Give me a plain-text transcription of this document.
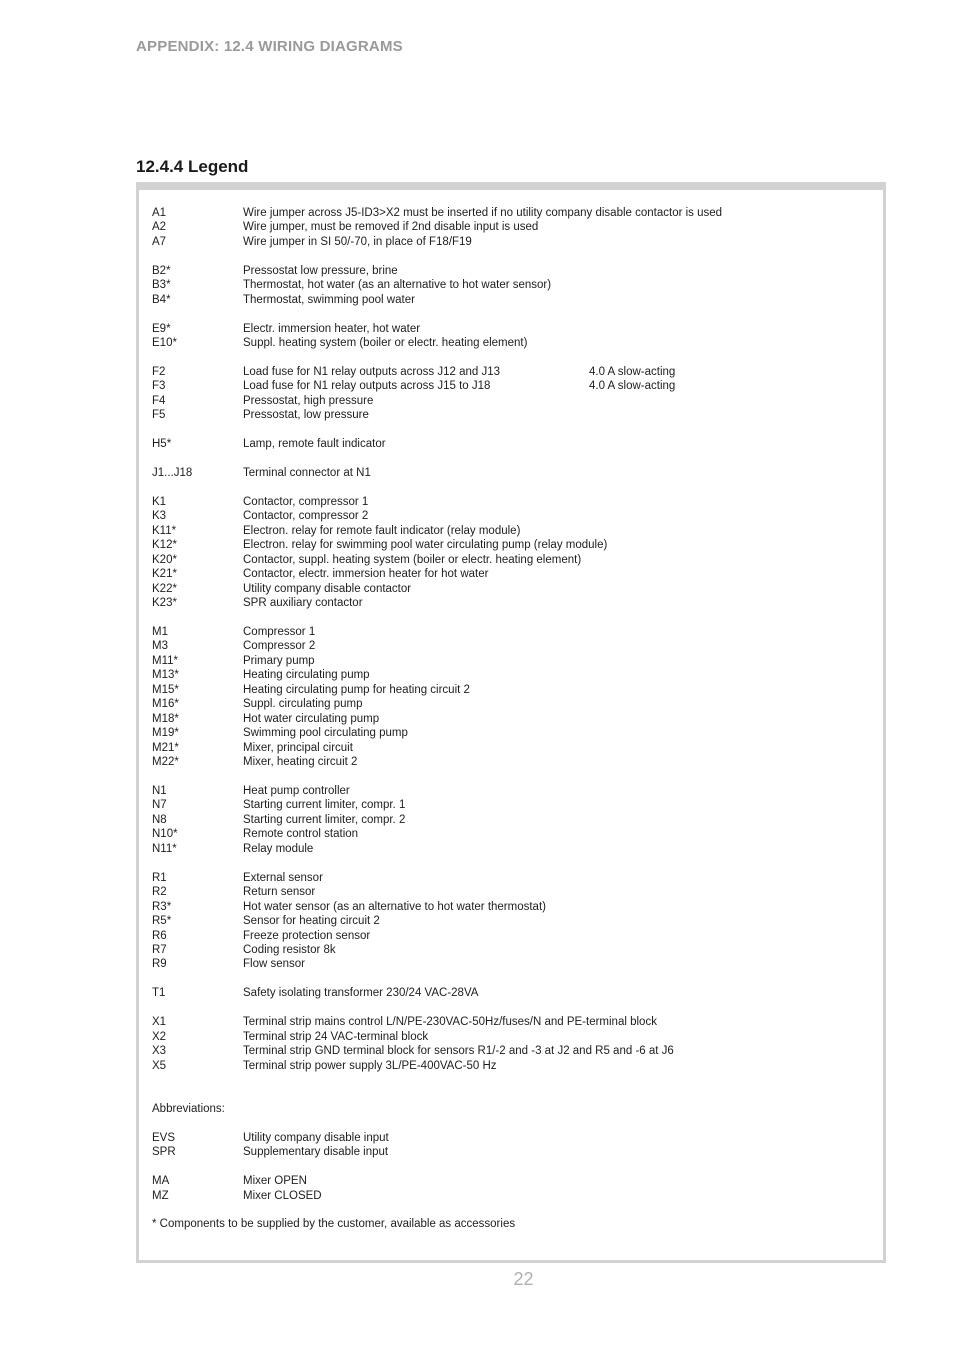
APPENDIX: 12.4 WIRING DIAGRAMS
12.4.4 Legend
A1	Wire jumper across J5-ID3>X2 must be inserted if no utility company disable contactor is used
A2	Wire jumper, must be removed if 2nd disable input is used
A7	Wire jumper in SI 50/-70, in place of F18/F19
B2*	Pressostat low pressure, brine
B3*	Thermostat, hot water (as an alternative to hot water sensor)
B4*	Thermostat, swimming pool water
E9*	Electr. immersion heater, hot water
E10*	Suppl. heating system (boiler or electr. heating element)
F2	Load fuse for N1 relay outputs across J12 and J13	4.0 A slow-acting
F3	Load fuse for N1 relay outputs across J15 to J18	4.0 A slow-acting
F4	Pressostat, high pressure
F5	Pressostat, low pressure
H5*	Lamp, remote fault indicator
J1...J18	Terminal connector at N1
K1	Contactor, compressor 1
K3	Contactor, compressor 2
K11*	Electron. relay for remote fault indicator (relay module)
K12*	Electron. relay for swimming pool water circulating pump (relay module)
K20*	Contactor, suppl. heating system (boiler or electr. heating element)
K21*	Contactor, electr. immersion heater for hot water
K22*	Utility company disable contactor
K23*	SPR auxiliary contactor
M1	Compressor 1
M3	Compressor 2
M11*	Primary pump
M13*	Heating circulating pump
M15*	Heating circulating pump for heating circuit 2
M16*	Suppl. circulating pump
M18*	Hot water circulating pump
M19*	Swimming pool circulating pump
M21*	Mixer, principal circuit
M22*	Mixer, heating circuit 2
N1	Heat pump controller
N7	Starting current limiter, compr. 1
N8	Starting current limiter, compr. 2
N10*	Remote control station
N11*	Relay module
R1	External sensor
R2	Return sensor
R3*	Hot water sensor (as an alternative to hot water thermostat)
R5*	Sensor for heating circuit 2
R6	Freeze protection sensor
R7	Coding resistor 8k
R9	Flow sensor
T1	Safety isolating transformer 230/24 VAC-28VA
X1	Terminal strip mains control L/N/PE-230VAC-50Hz/fuses/N and PE-terminal block
X2	Terminal strip 24 VAC-terminal block
X3	Terminal strip GND terminal block for sensors R1/-2 and -3 at J2 and R5 and -6 at J6
X5	Terminal strip power supply 3L/PE-400VAC-50 Hz
Abbreviations:
EVS	Utility company disable input
SPR	Supplementary disable input
MA	Mixer OPEN
MZ	Mixer CLOSED
* Components to be supplied by the customer, available as accessories
22
